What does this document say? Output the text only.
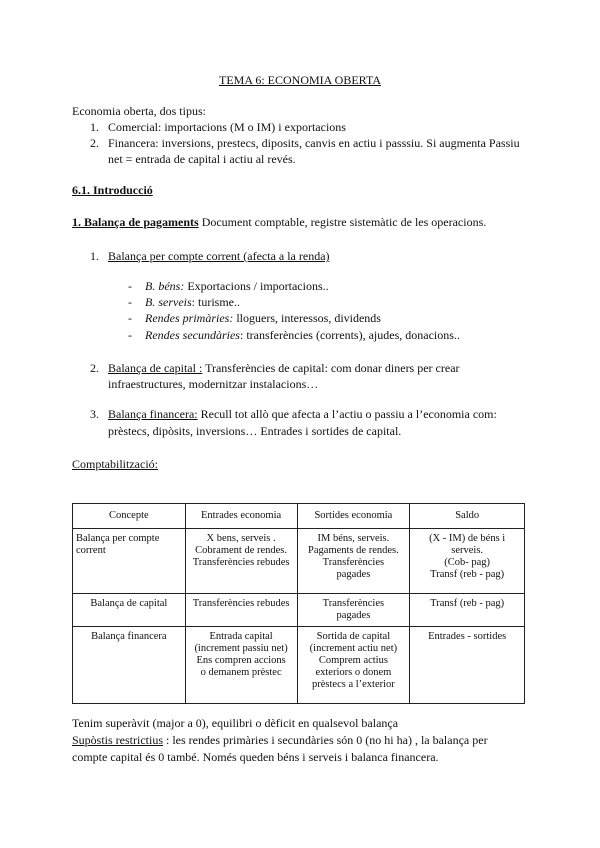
TEMA 6: ECONOMIA OBERTA
Economia oberta, dos tipus:
1. Comercial: importacions (M o IM) i exportacions
2. Financera: inversions, prestecs, diposits, canvis en actiu i passsiu. Si augmenta Passiu
net = entrada de capital i actiu al revés.
6.1. Introducció
1. Balança de pagaments Document comptable, registre sistemàtic de les operacions.
1. Balança per compte corrent (afecta a la renda)
- B. béns: Exportacions / importacions..
- B. serveis: turisme..
- Rendes primàries: lloguers, interessos, dividends
- Rendes secundàries: transferències (corrents), ajudes, donacions..
2. Balança de capital : Transferències de capital: com donar diners per crear
infraestructures, modernitzar instalacions…
3. Balança financera: Recull tot allò que afecta a l’actiu o passiu a l’economia com:
prèstecs, dipòsits, inversions… Entrades i sortides de capital.
Comptabilització:
Concepte	Entrades economia	Sortides economia	Saldo
Balança per compte corrent	X bens, serveis .
Cobrament de rendes.
Transferències rebudes	IM béns, serveis.
Pagaments de rendes.
Transferències
pagades	(X - IM) de béns i
serveis.
(Cob- pag)
Transf (reb - pag)
Balança de capital	Transferències rebudes	Transferències
pagades	Transf (reb - pag)
Balança financera	Entrada capital
(increment passiu net)
Ens compren accions
o demanem prèstec	Sortida de capital
(increment actiu net)
Comprem actius
exteriors o donem
prèstecs a l’exterior	Entrades - sortides
Tenim superàvit (major a 0), equilibri o dèficit en qualsevol balança
Supòstis restrictius : les rendes primàries i secundàries són 0 (no hi ha) , la balança per
compte capital és 0 també. Només queden béns i serveis i balanca financera.
